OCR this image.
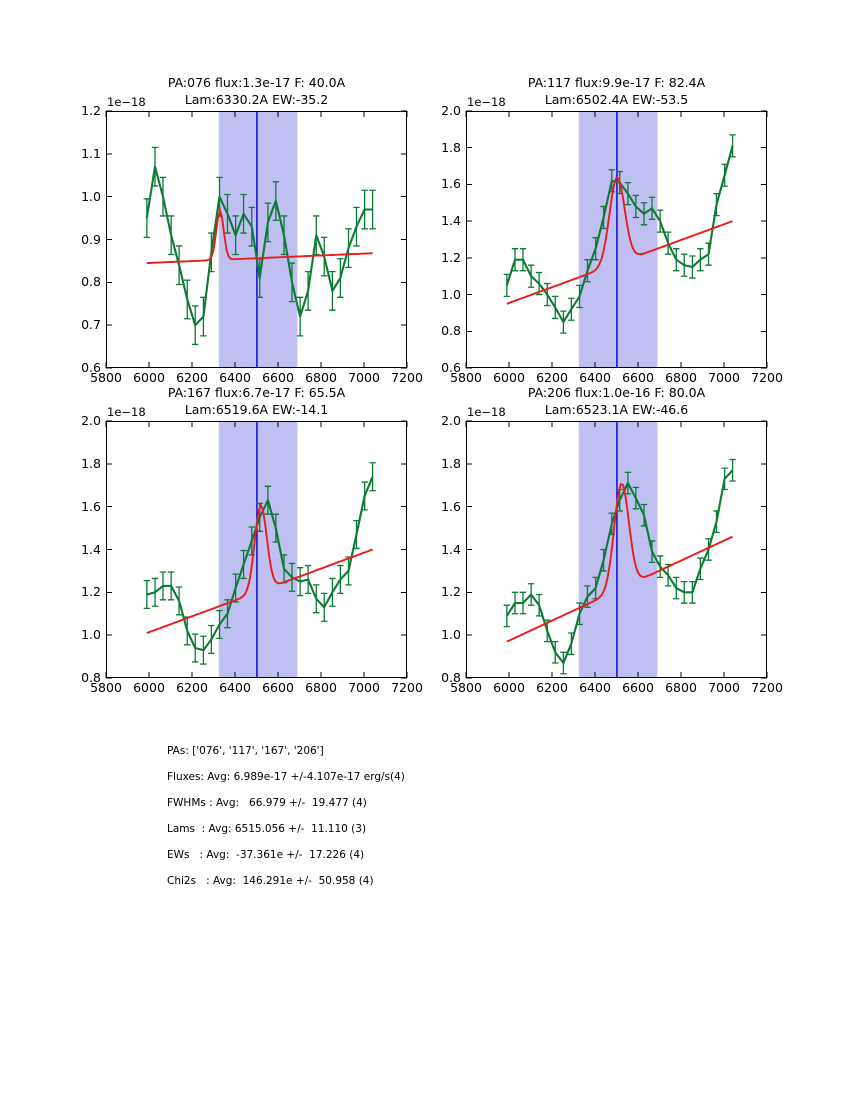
PA:076 flux:1.3e-17 F: 40.0A
Lam:6330.2A EW:-35.2
1e−18
5800 6000 6200 6400 6600 6800 7000 7200
0.6
0.7
0.8
0.9
1.0
1.1
1.2
PA:117 flux:9.9e-17 F: 82.4A
Lam:6502.4A EW:-53.5
1e−18
5800 6000 6200 6400 6600 6800 7000 7200
0.6
0.8
1.0
1.2
1.4
1.6
1.8
2.0
PA:167 flux:6.7e-17 F: 65.5A
Lam:6519.6A EW:-14.1
1e−18
5800 6000 6200 6400 6600 6800 7000 7200
0.8
1.0
1.2
1.4
1.6
1.8
2.0
PA:206 flux:1.0e-16 F: 80.0A
Lam:6523.1A EW:-46.6
1e−18
5800 6000 6200 6400 6600 6800 7000 7200
0.8
1.0
1.2
1.4
1.6
1.8
2.0
PAs: ['076', '117', '167', '206']
Fluxes: Avg: 6.989e-17 +/-4.107e-17 erg/s(4)
FWHMs : Avg:   66.979 +/-  19.477 (4)
Lams  : Avg: 6515.056 +/-  11.110 (3)
EWs   : Avg:  -37.361e +/-  17.226 (4)
Chi2s   : Avg:  146.291e +/-  50.958 (4)
